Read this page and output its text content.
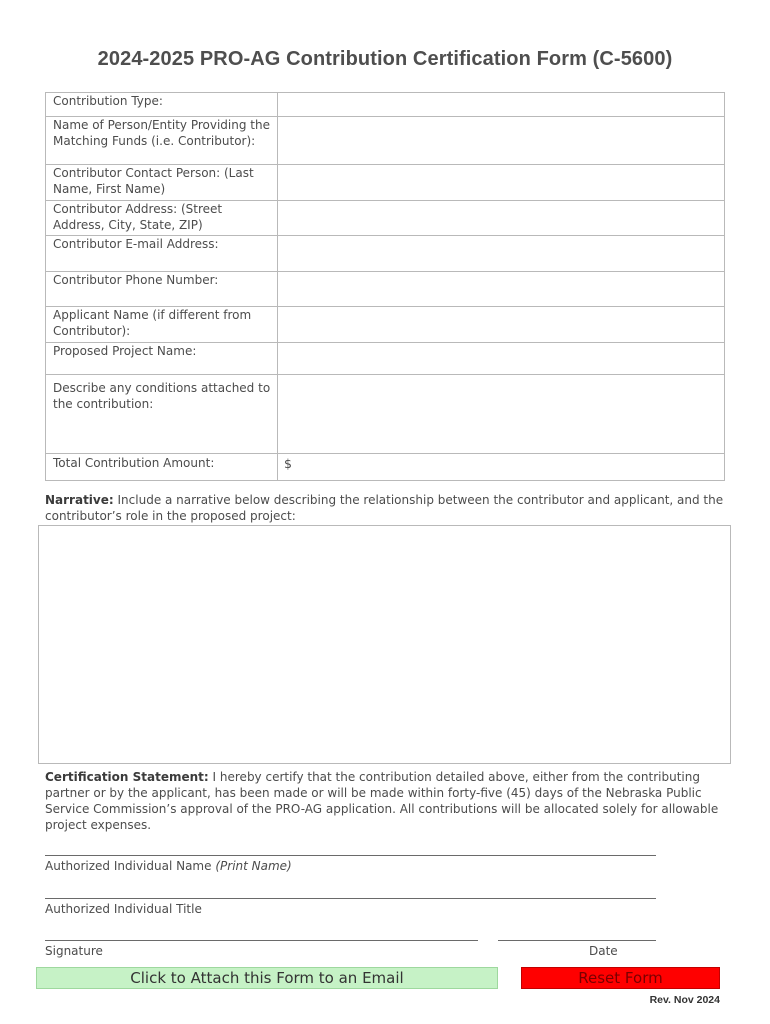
2024-2025 PRO-AG Contribution Certification Form (C-5600)
Contribution Type:	
Name of Person/Entity Providing the Matching Funds (i.e. Contributor):	
Contributor Contact Person: (Last Name, First Name)	
Contributor Address: (Street Address, City, State, ZIP)	
Contributor E-mail Address:	
Contributor Phone Number:	
Applicant Name (if different from Contributor):	
Proposed Project Name:	
Describe any conditions attached to the contribution:	
Total Contribution Amount:	$
Narrative: Include a narrative below describing the relationship between the contributor and applicant, and the contributor’s role in the proposed project:
Certification Statement: I hereby certify that the contribution detailed above, either from the contributing partner or by the applicant, has been made or will be made within forty-five (45) days of the Nebraska Public Service Commission’s approval of the PRO-AG application. All contributions will be allocated solely for allowable project expenses.
Authorized Individual Name (Print Name)
Authorized Individual Title
Signature	Date
Click to Attach this Form to an Email	Reset Form
Rev. Nov 2024
